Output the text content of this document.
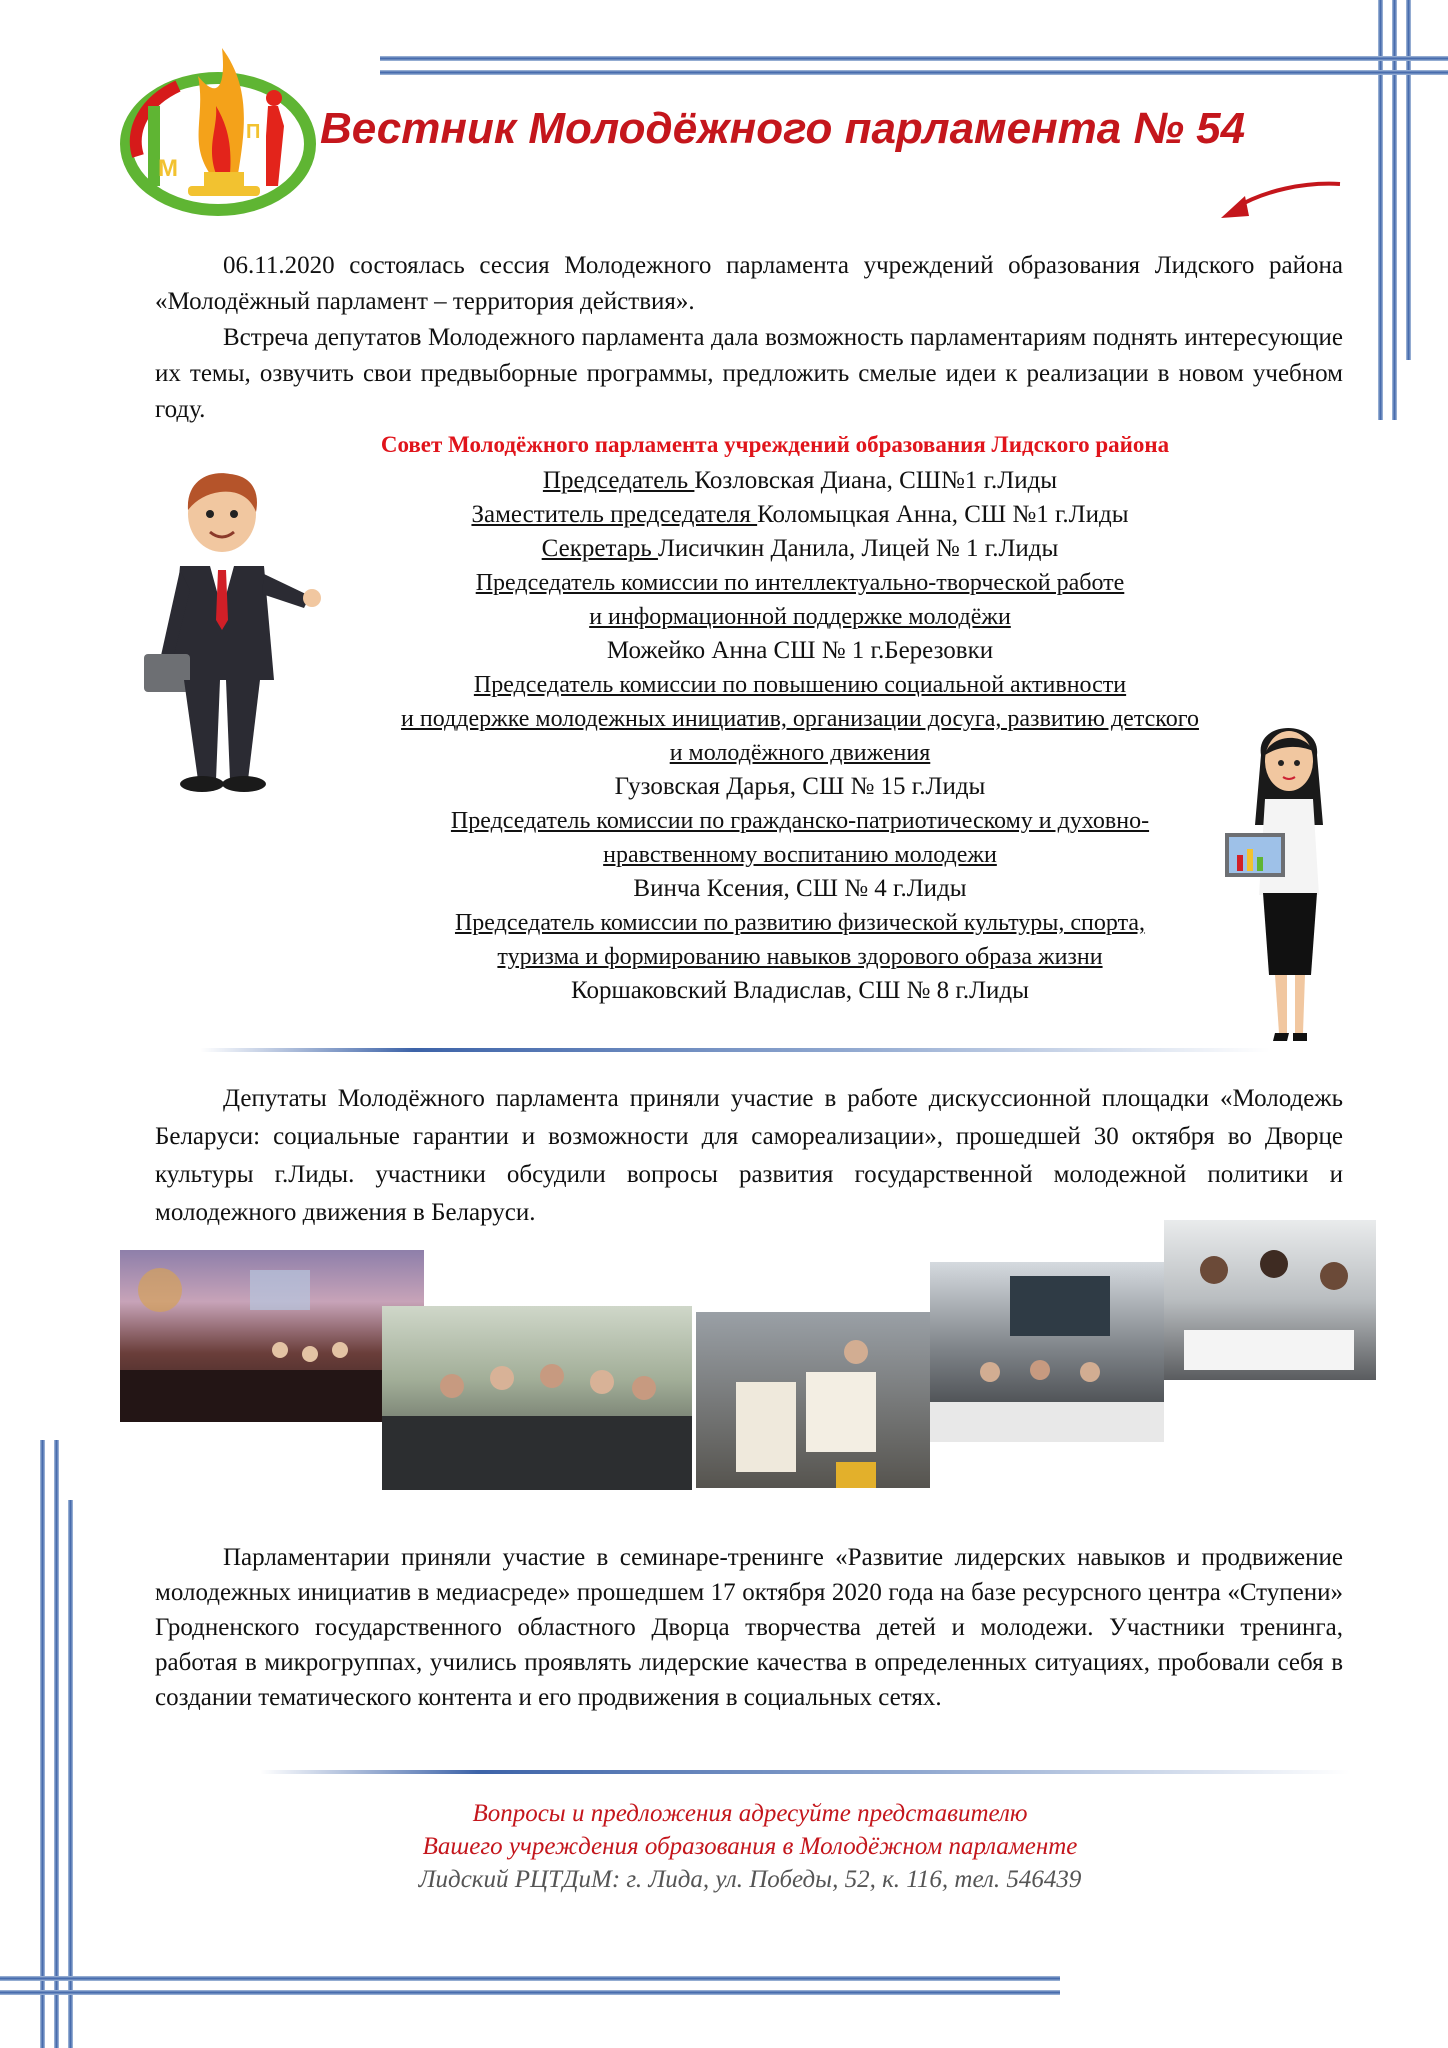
М
П Вестник Молодёжного парламента № 54
06.11.2020 состоялась сессия Молодежного парламента учреждений образования Лидского района «Молодёжный парламент – территория действия».
Встреча депутатов Молодежного парламента дала возможность парламентариям поднять интересующие их темы, озвучить свои предвыборные программы, предложить смелые идеи к реализации в новом учебном году.
Совет Молодёжного парламента учреждений образования Лидского района
Председатель Козловская Диана, СШ№1 г.Лиды
Заместитель председателя Коломыцкая Анна, СШ №1 г.Лиды
Секретарь Лисичкин Данила, Лицей № 1 г.Лиды
Председатель комиссии по интеллектуально-творческой работе
и информационной поддержке молодёжи
Можейко Анна СШ № 1 г.Березовки
Председатель комиссии по повышению социальной активности
и поддержке молодежных инициатив, организации досуга, развитию детского
и молодёжного движения
Гузовская Дарья, СШ № 15 г.Лиды
Председатель комиссии по гражданско-патриотическому и духовно-
нравственному воспитанию молодежи
Винча Ксения, СШ № 4 г.Лиды
Председатель комиссии по развитию физической культуры, спорта,
туризма и формированию навыков здорового образа жизни
Коршаковский Владислав, СШ № 8 г.Лиды
Депутаты Молодёжного парламента приняли участие в работе дискуссионной площадки «Молодежь Беларуси: социальные гарантии и возможности для самореализации», прошедшей 30 октября во Дворце культуры г.Лиды. участники обсудили вопросы развития государственной молодежной политики и молодежного движения в Беларуси.
Парламентарии приняли участие в семинаре-тренинге «Развитие лидерских навыков и продвижение молодежных инициатив в медиасреде» прошедшем 17 октября 2020 года на базе ресурсного центра «Ступени» Гродненского государственного областного Дворца творчества детей и молодежи. Участники тренинга, работая в микрогруппах, учились проявлять лидерские качества в определенных ситуациях, пробовали себя в создании тематического контента и его продвижения в социальных сетях.
Вопросы и предложения адресуйте представителю
Вашего учреждения образования в Молодёжном парламенте
Лидский РЦТДиМ: г. Лида, ул. Победы, 52, к. 116, тел. 546439
